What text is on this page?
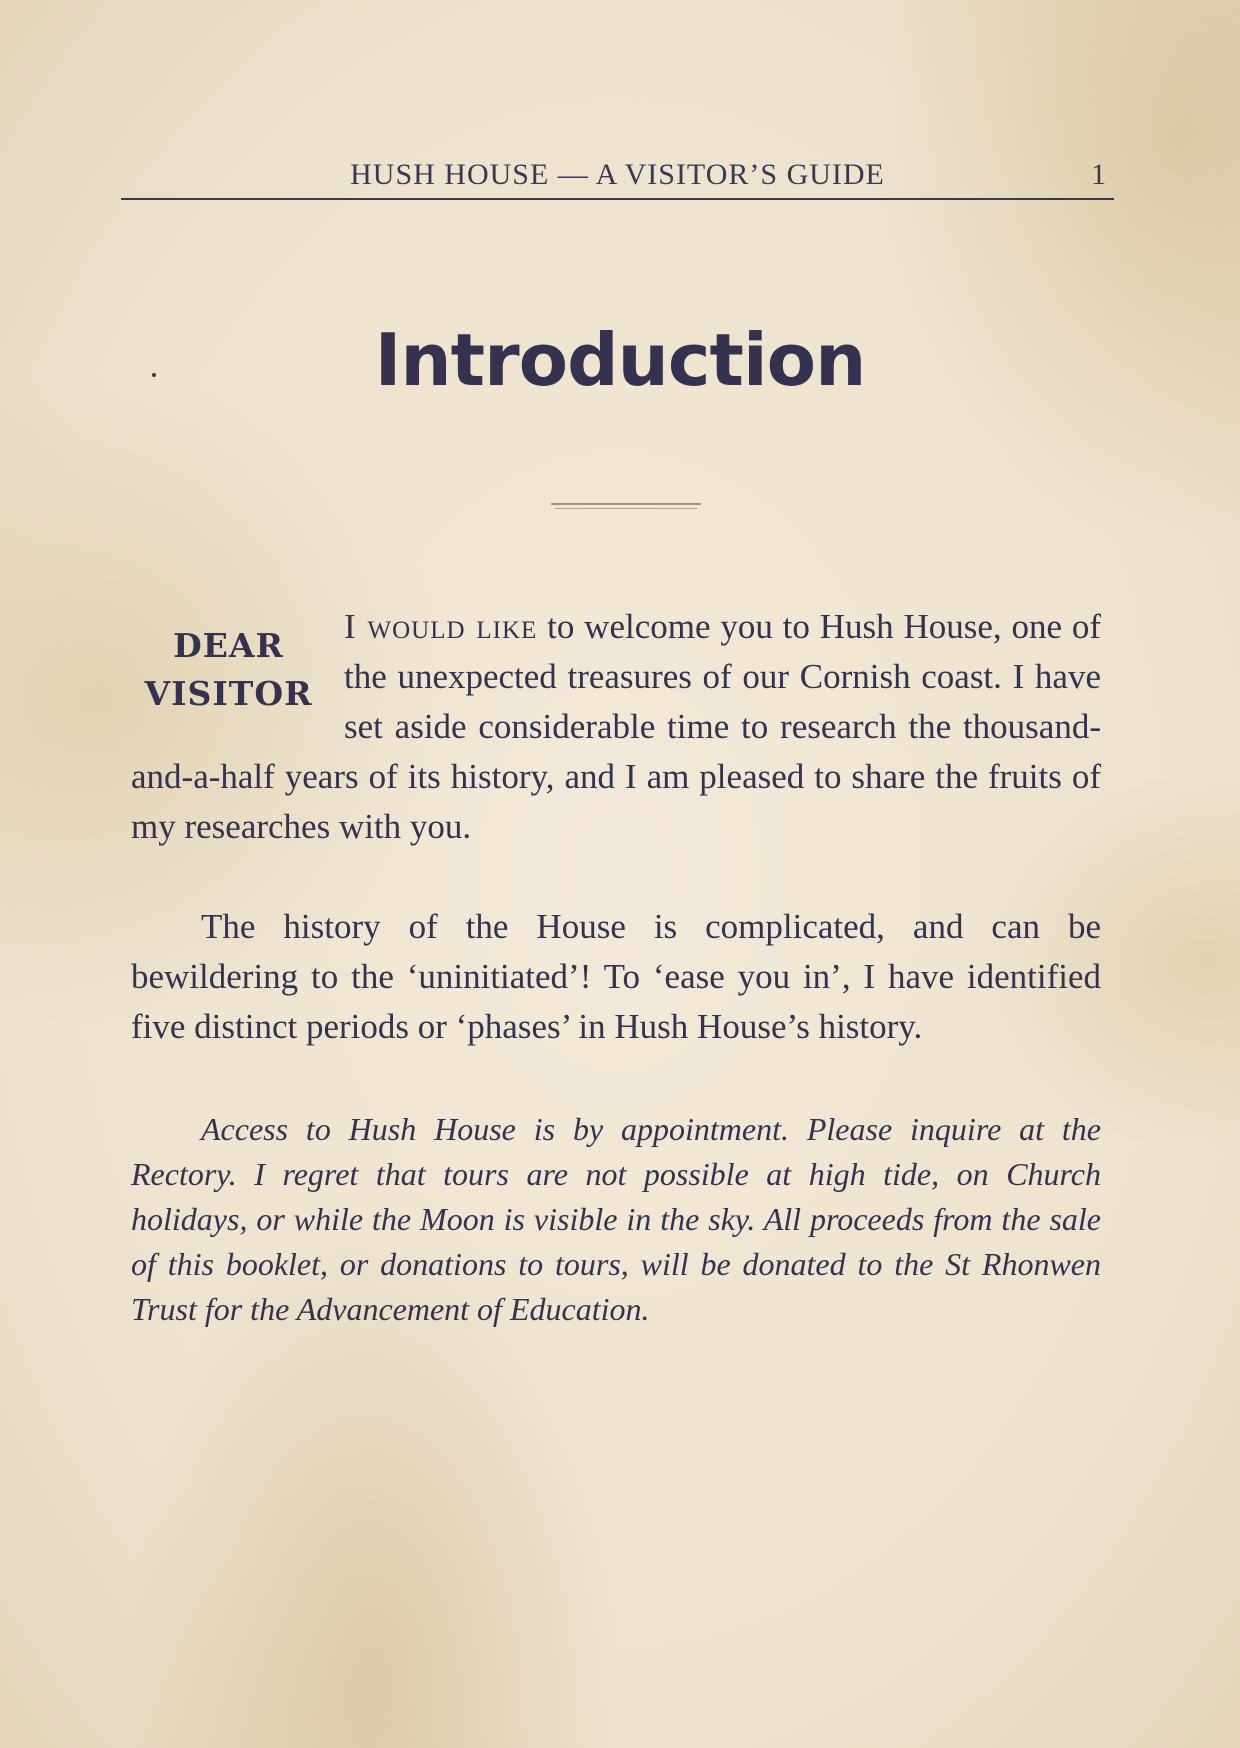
HUSH HOUSE — A VISITOR’S GUIDE	1
Introduction
DEAR
VISITOR

I would like to welcome you to Hush House, one of the unexpected treasures of our Cornish coast. I have set aside considerable time to research the thousand-and-a-half years of its history, and I am pleased to share the fruits of my researches with you.

The history of the House is complicated, and can be bewildering to the ‘uninitiated’! To ‘ease you in’, I have identified five distinct periods or ‘phases’ in Hush House’s history.

Access to Hush House is by appointment. Please inquire at the Rectory. I regret that tours are not possible at high tide, on Church holidays, or while the Moon is visible in the sky. All proceeds from the sale of this booklet, or donations to tours, will be donated to the St Rhonwen Trust for the Advancement of Education.
